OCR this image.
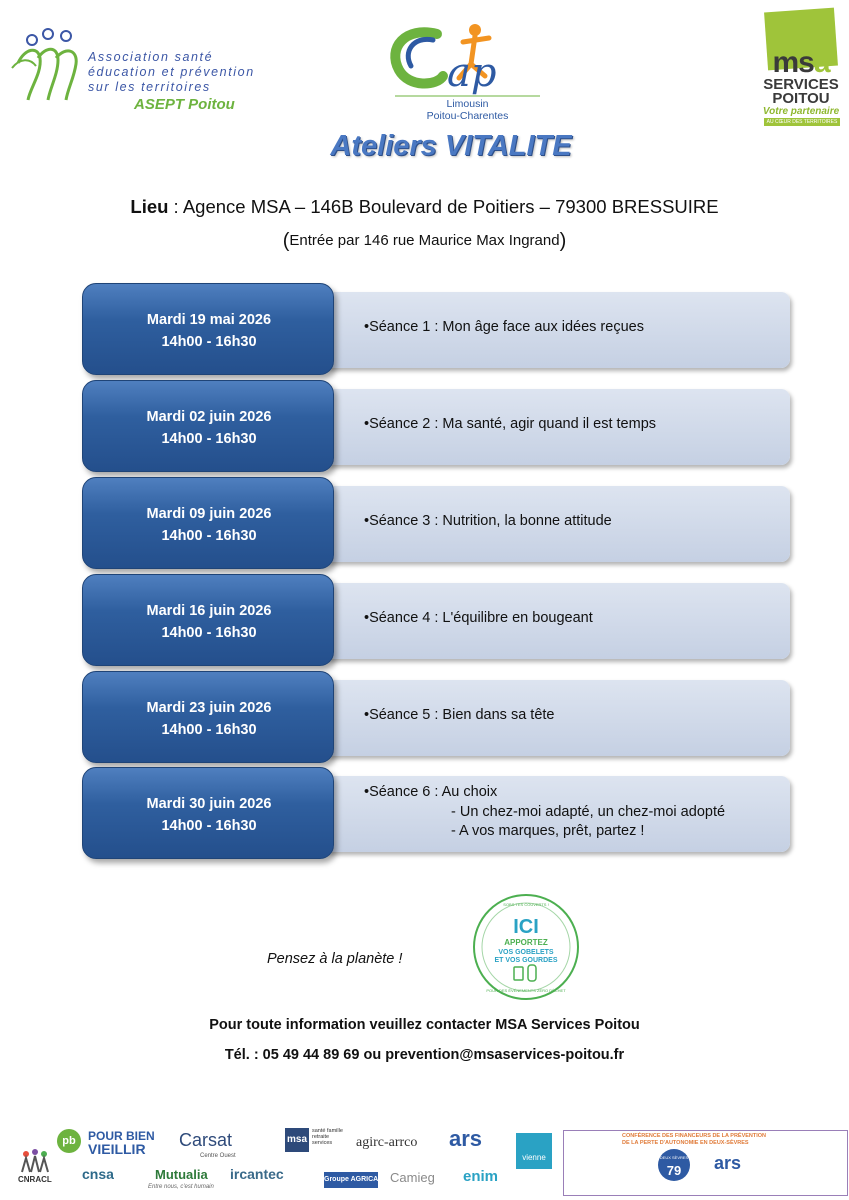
Association santé
éducation et prévention
sur les territoires
ASEPT Poitou
ap
Limousin
Poitou-Charentes
msa
SERVICES
POITOU
Votre partenaire
AU CŒUR DES TERRITOIRES
Ateliers VITALITE
Lieu : Agence MSA – 146B Boulevard de Poitiers – 79300 BRESSUIRE
(Entrée par 146 rue Maurice Max Ingrand)
Mardi 19 mai 2026
14h00 - 16h30
•Séance 1 : Mon âge face aux idées reçues
Mardi 02 juin 2026
14h00 - 16h30
•Séance 2 : Ma santé, agir quand il est temps
Mardi 09 juin 2026
14h00 - 16h30
•Séance 3 : Nutrition, la bonne attitude
Mardi 16 juin 2026
14h00 - 16h30
•Séance 4 : L'équilibre en bougeant
Mardi 23 juin 2026
14h00 - 16h30
•Séance 5 : Bien dans sa tête
Mardi 30 juin 2026
14h00 - 16h30
•Séance 6 : Au choix
- Un chez-moi adapté, un chez-moi adopté
- A vos marques, prêt, partez !
Pensez à la planète !
ICI
APPORTEZ
VOS GOBELETS
ET VOS GOURDES
SOBS TES COUVERTS !
POUR DES ÉVÉNEMENTS ZÉRO DÉCHET
Pour toute information veuillez contacter MSA Services Poitou
Tél. : 05 49 44 89 69 ou prevention@msaservices-poitou.fr
CNRACL
pb	POUR BIEN
VIEILLIR
cnsa
Carsat
Centre Ouest
Mutualia
Entre nous, c'est humain
msa
santé famille retraite services
ircantec
agirc-arrco
Groupe AGRICA Camieg
ars
enim
vienne
CONFÉRENCE DES FINANCEURS DE LA PRÉVENTION
DE LA PERTE D'AUTONOMIE EN DEUX-SÈVRES
DEUX SÈVRES
79	ars
